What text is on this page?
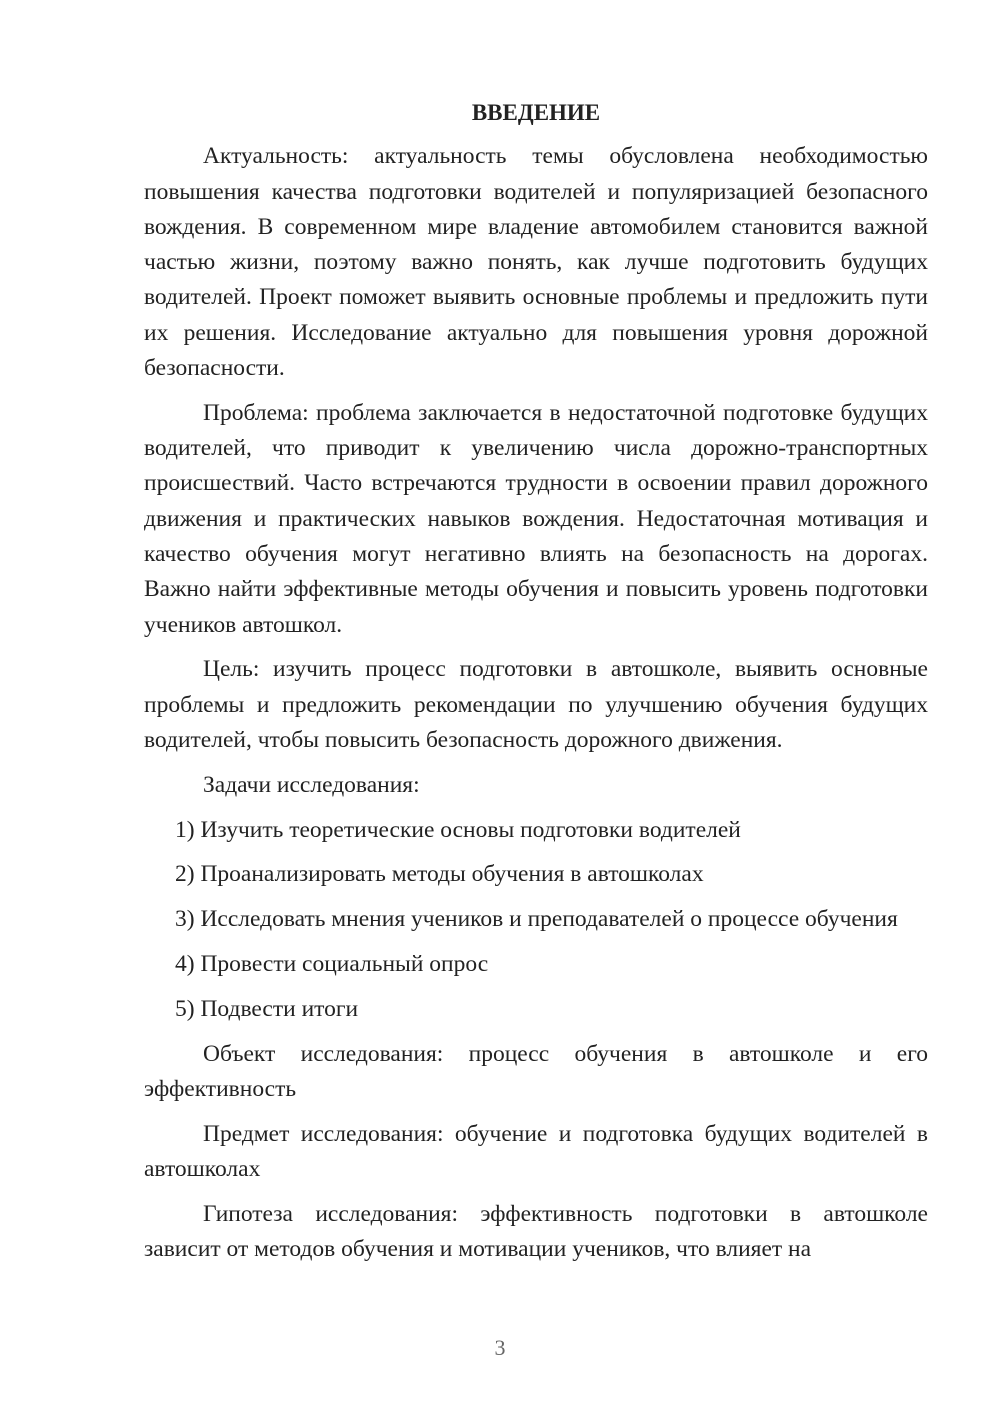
ВВЕДЕНИЕ

Актуальность: актуальность темы обусловлена необходимостью повышения качества подготовки водителей и популяризацией безопасного вождения. В современном мире владение автомобилем становится важной частью жизни, поэтому важно понять, как лучше подготовить будущих водителей. Проект поможет выявить основные проблемы и предложить пути их решения. Исследование актуально для повышения уровня дорожной безопасности.

Проблема: проблема заключается в недостаточной подготовке будущих водителей, что приводит к увеличению числа дорожно-транспортных происшествий. Часто встречаются трудности в освоении правил дорожного движения и практических навыков вождения. Недостаточная мотивация и качество обучения могут негативно влиять на безопасность на дорогах. Важно найти эффективные методы обучения и повысить уровень подготовки учеников автошкол.

Цель: изучить процесс подготовки в автошколе, выявить основные проблемы и предложить рекомендации по улучшению обучения будущих водителей, чтобы повысить безопасность дорожного движения.

Задачи исследования:

1) Изучить теоретические основы подготовки водителей

2) Проанализировать методы обучения в автошколах

3) Исследовать мнения учеников и преподавателей о процессе обучения

4) Провести социальный опрос

5) Подвести итоги

Объект исследования: процесс обучения в автошколе и его эффективность

Предмет исследования: обучение и подготовка будущих водителей в автошколах

Гипотеза исследования: эффективность подготовки в автошколе зависит от методов обучения и мотивации учеников, что влияет на

3
